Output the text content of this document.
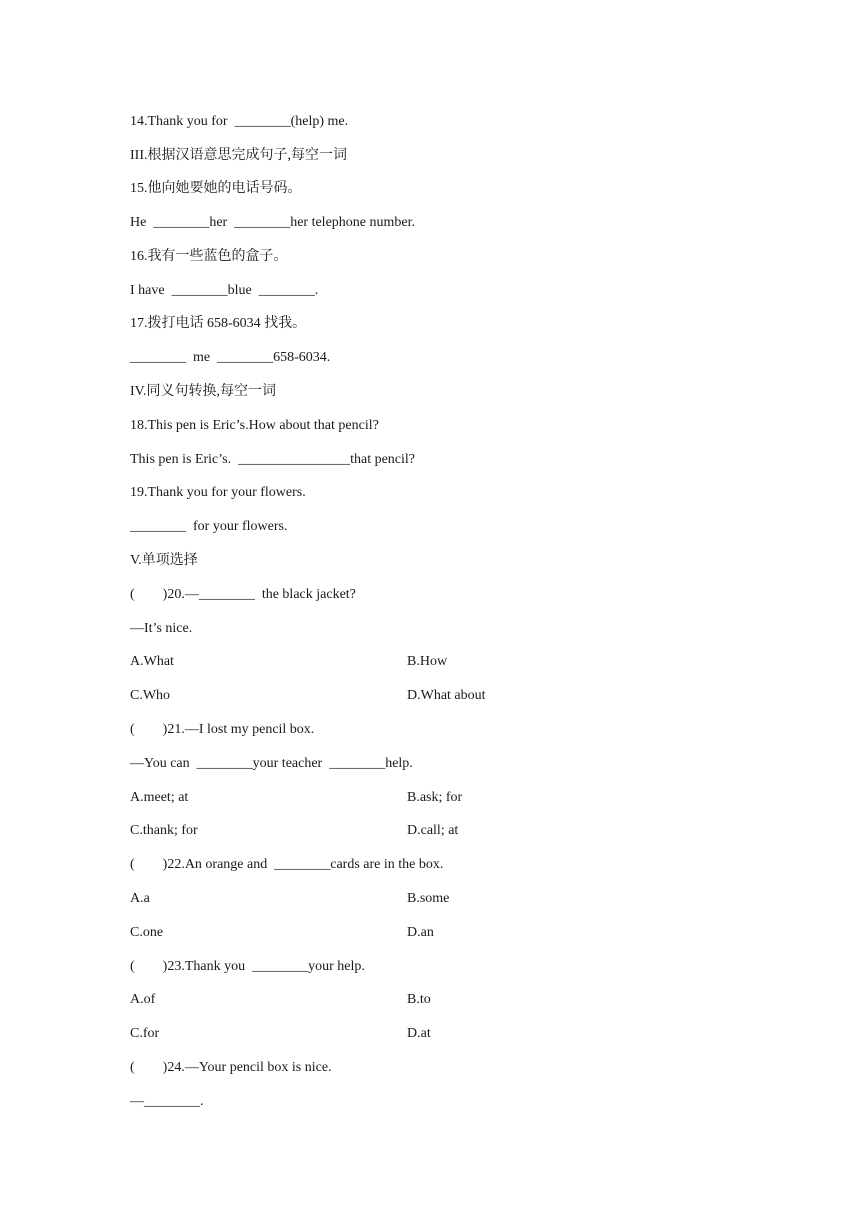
14.Thank you for  ________(help) me.
III.根据汉语意思完成句子,每空一词
15.他向她要她的电话号码。
He  ________her  ________her telephone number.
16.我有一些蓝色的盒子。
I have  ________blue  ________.
17.拨打电话 658-6034 找我。
________  me  ________658-6034.
IV.同义句转换,每空一词
18.This pen is Eric’s.How about that pencil?
This pen is Eric’s.  ________________that pencil?
19.Thank you for your flowers.
________  for your flowers.
V.单项选择
(        )20.—________  the black jacket?
—It’s nice.
A.What	B.How
C.Who	D.What about
(        )21.—I lost my pencil box.
—You can  ________your teacher  ________help.
A.meet; at	B.ask; for
C.thank; for	D.call; at
(        )22.An orange and  ________cards are in the box.
A.a	B.some
C.one	D.an
(        )23.Thank you  ________your help.
A.of	B.to
C.for	D.at
(        )24.—Your pencil box is nice.
—________.
